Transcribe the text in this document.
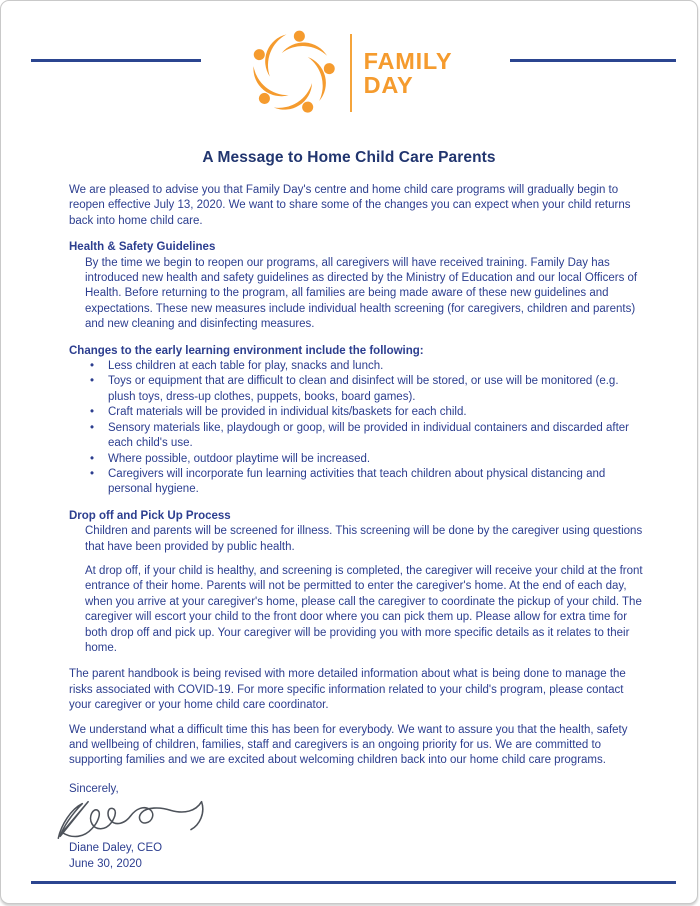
FAMILY
DAY
A Message to Home Child Care Parents

We are pleased to advise you that Family Day's centre and home child care programs will gradually begin to reopen effective July 13, 2020. We want to share some of the changes you can expect when your child returns back into home child care.

Health & Safety Guidelines

By the time we begin to reopen our programs, all caregivers will have received training. Family Day has introduced new health and safety guidelines as directed by the Ministry of Education and our local Officers of Health. Before returning to the program, all families are being made aware of these new guidelines and expectations. These new measures include individual health screening (for caregivers, children and parents) and new cleaning and disinfecting measures.

Changes to the early learning environment include the following:
• Less children at each table for play, snacks and lunch.
• Toys or equipment that are difficult to clean and disinfect will be stored, or use will be monitored (e.g. plush toys, dress-up clothes, puppets, books, board games).
• Craft materials will be provided in individual kits/baskets for each child.
• Sensory materials like, playdough or goop, will be provided in individual containers and discarded after each child's use.
• Where possible, outdoor playtime will be increased.
• Caregivers will incorporate fun learning activities that teach children about physical distancing and personal hygiene.
Drop off and Pick Up Process

Children and parents will be screened for illness. This screening will be done by the caregiver using questions that have been provided by public health.

At drop off, if your child is healthy, and screening is completed, the caregiver will receive your child at the front entrance of their home. Parents will not be permitted to enter the caregiver's home. At the end of each day, when you arrive at your caregiver's home, please call the caregiver to coordinate the pickup of your child. The caregiver will escort your child to the front door where you can pick them up. Please allow for extra time for both drop off and pick up. Your caregiver will be providing you with more specific details as it relates to their home.

The parent handbook is being revised with more detailed information about what is being done to manage the risks associated with COVID-19. For more specific information related to your child's program, please contact your caregiver or your home child care coordinator.

We understand what a difficult time this has been for everybody. We want to assure you that the health, safety and wellbeing of children, families, staff and caregivers is an ongoing priority for us. We are committed to supporting families and we are excited about welcoming children back into our home child care programs.

Sincerely,

Diane Daley, CEO

June 30, 2020
